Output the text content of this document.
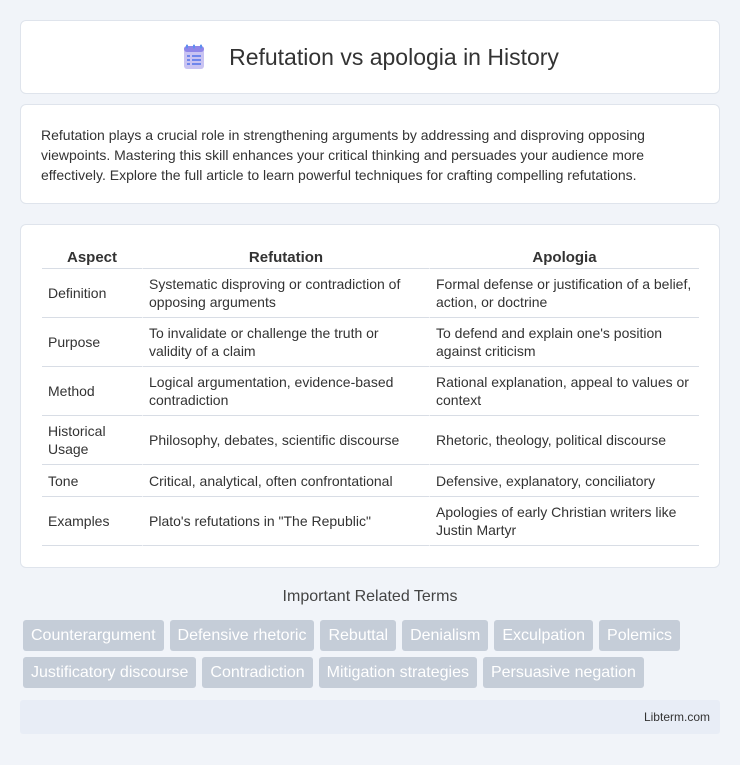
Refutation vs apologia in History

Refutation plays a crucial role in strengthening arguments by addressing and disproving opposing viewpoints. Mastering this skill enhances your critical thinking and persuades your audience more effectively. Explore the full article to learn powerful techniques for crafting compelling refutations.

Aspect	Refutation	Apologia
Definition	Systematic disproving or contradiction of opposing arguments	Formal defense or justification of a belief, action, or doctrine
Purpose	To invalidate or challenge the truth or validity of a claim	To defend and explain one's position against criticism
Method	Logical argumentation, evidence-based contradiction	Rational explanation, appeal to values or context
Historical Usage	Philosophy, debates, scientific discourse	Rhetoric, theology, political discourse
Tone	Critical, analytical, often confrontational	Defensive, explanatory, conciliatory
Examples	Plato's refutations in "The Republic"	Apologies of early Christian writers like Justin Martyr
Important Related Terms
Counterargument	Defensive rhetoric	Rebuttal	Denialism	Exculpation	Polemics
Justificatory discourse	Contradiction	Mitigation strategies	Persuasive negation
Libterm.com
